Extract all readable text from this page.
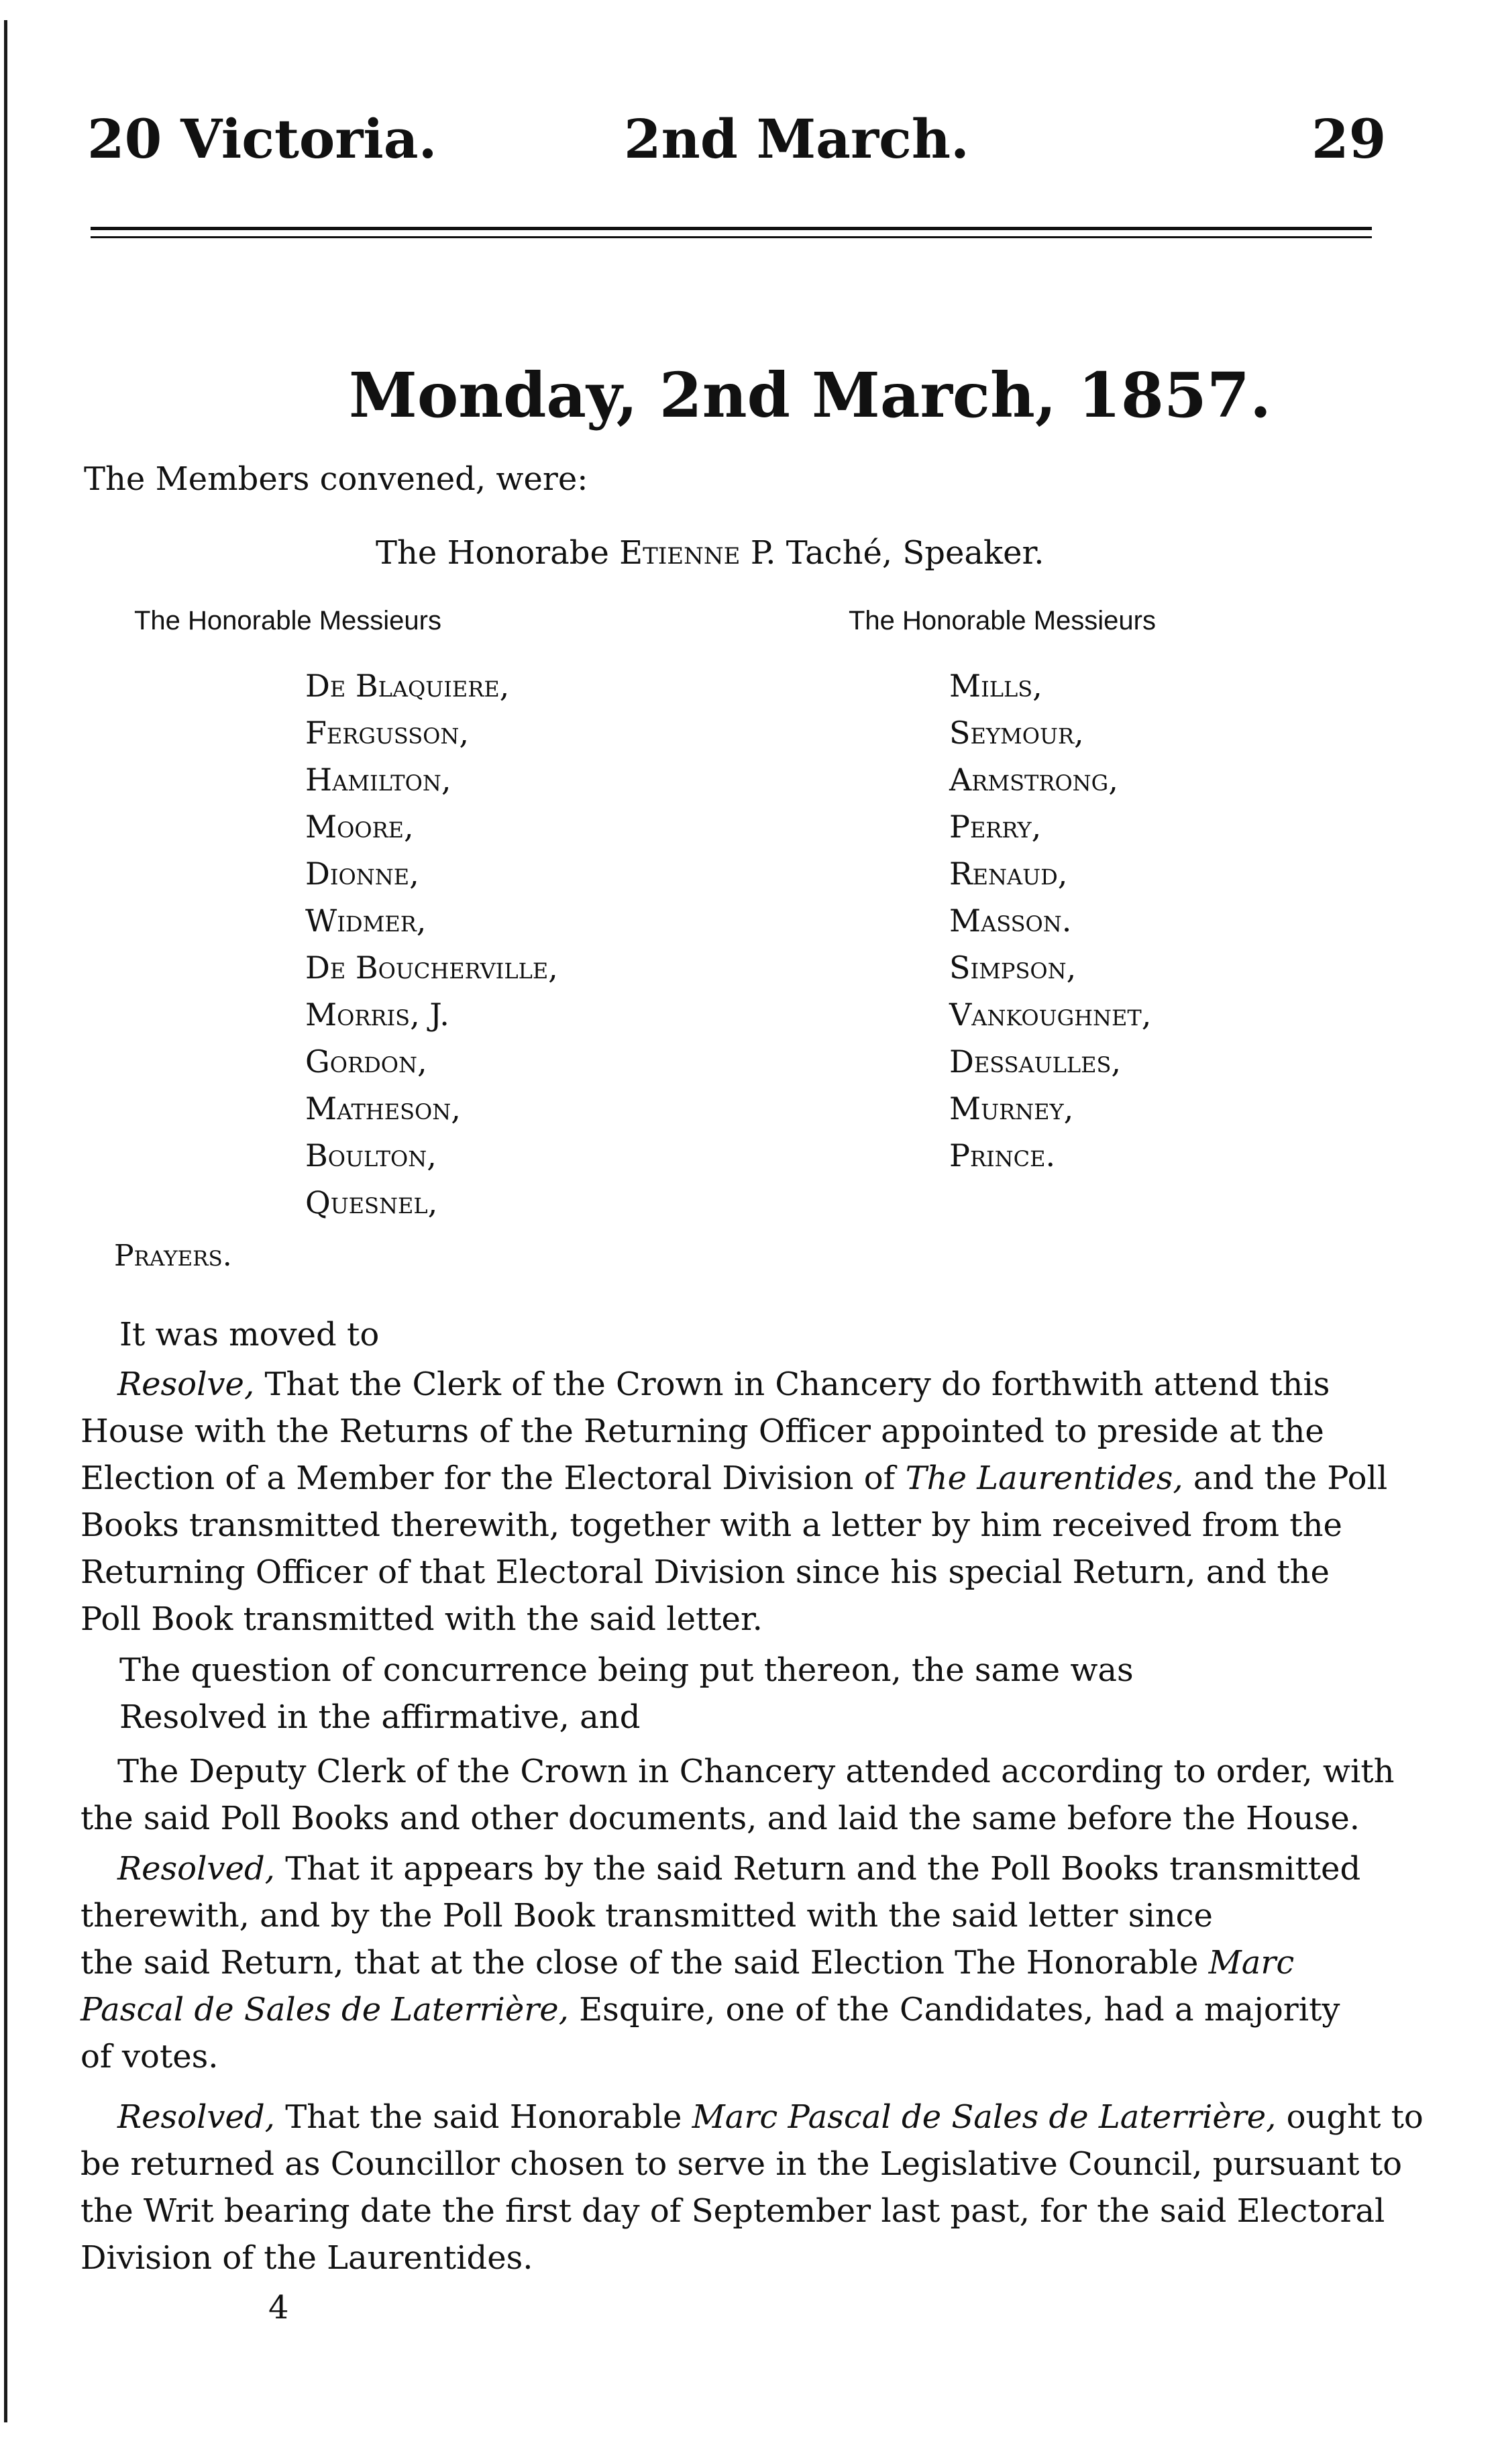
20 Victoria.	2nd March.	29
Monday, 2nd March, 1857.
The Members convened, were:
The Honorabe Etienne P. Taché, Speaker.
The Honorable Messieurs	The Honorable Messieurs
De Blaquiere,
Fergusson,
Hamilton,
Moore,
Dionne,
Widmer,
De Boucherville,
Morris, J.
Gordon,
Matheson,
Boulton,
Quesnel,
Mills,
Seymour,
Armstrong,
Perry,
Renaud,
Masson.
Simpson,
Vankoughnet,
Dessaulles,
Murney,
Prince.
Prayers.
It was moved to
Resolve, That the Clerk of the Crown in Chancery do forthwith attend this
House with the Returns of the Returning Officer appointed to preside at the
Election of a Member for the Electoral Division of The Laurentides, and the Poll
Books transmitted therewith, together with a letter by him received from the
Returning Officer of that Electoral Division since his special Return, and the
Poll Book transmitted with the said letter.
The question of concurrence being put thereon, the same was
Resolved in the affirmative, and
The Deputy Clerk of the Crown in Chancery attended according to order, with
the said Poll Books and other documents, and laid the same before the House.
Resolved, That it appears by the said Return and the Poll Books transmitted
therewith, and by the Poll Book transmitted with the said letter since
the said Return, that at the close of the said Election The Honorable Marc
Pascal de Sales de Laterrière, Esquire, one of the Candidates, had a majority
of votes.
Resolved, That the said Honorable Marc Pascal de Sales de Laterrière, ought to
be returned as Councillor chosen to serve in the Legislative Council, pursuant to
the Writ bearing date the first day of September last past, for the said Electoral
Division of the Laurentides.
4
